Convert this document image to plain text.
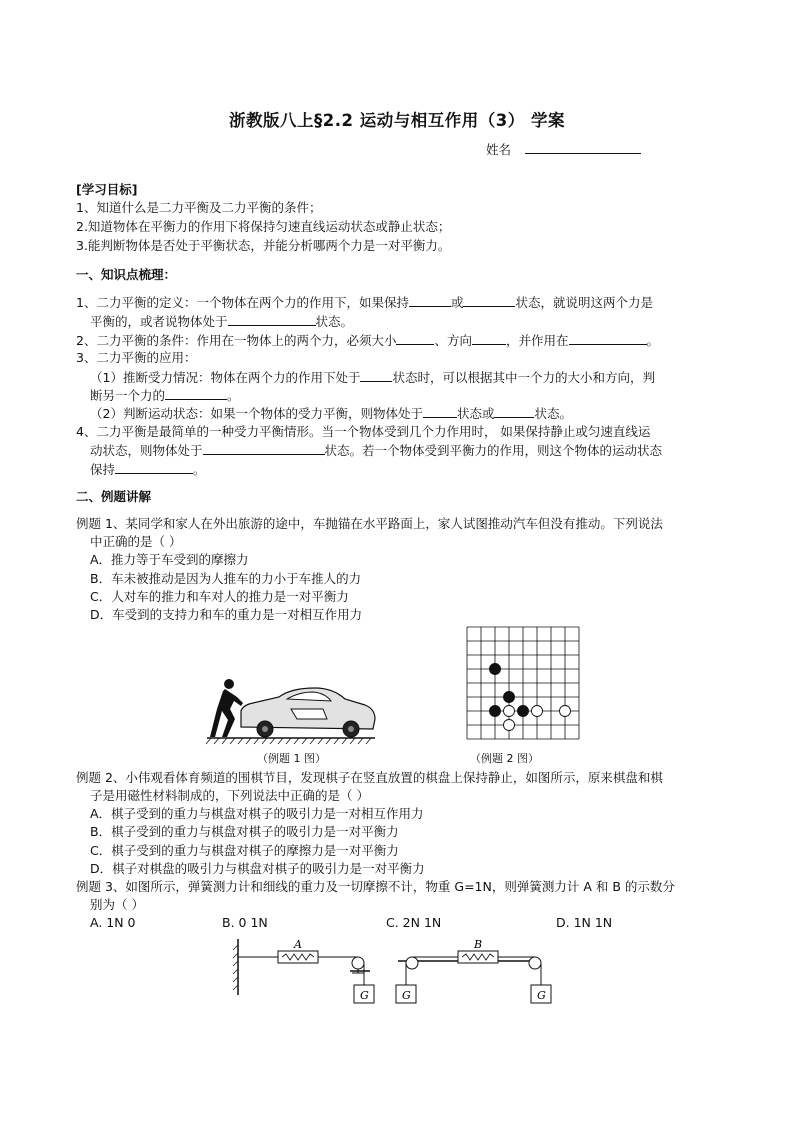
浙教版八上§2.2 运动与相互作用（3） 学案
姓名
[学习目标]
1、知道什么是二力平衡及二力平衡的条件；
2.知道物体在平衡力的作用下将保持匀速直线运动状态或静止状态；
3.能判断物体是否处于平衡状态，并能分析哪两个力是一对平衡力。
一、知识点梳理：
1、二力平衡的定义：一个物体在两个力的作用下，如果保持	或	状态，就说明这两个力是
平衡的，或者说物体处于	状态。
2、二力平衡的条件：作用在一物体上的两个力，必须大小	、方向	，并作用在	。
3、二力平衡的应用：
（1）推断受力情况：物体在两个力的作用下处于	状态时，可以根据其中一个力的大小和方向，判
断另一个力的	。
（2）判断运动状态：如果一个物体的受力平衡，则物体处于	状态或	状态。
4、二力平衡是最简单的一种受力平衡情形。当一个物体受到几个力作用时， 如果保持静止或匀速直线运
动状态，则物体处于	状态。若一个物体受到平衡力的作用，则这个物体的运动状态
保持	。
二、例题讲解
例题 1、某同学和家人在外出旅游的途中，车抛锚在水平路面上，家人试图推动汽车但没有推动。下列说法
中正确的是（ ）
A．推力等于车受到的摩擦力
B．车未被推动是因为人推车的力小于车推人的力
C．人对车的推力和车对人的推力是一对平衡力
D．车受到的支持力和车的重力是一对相互作用力
（例题 1 图）	（例题 2 图）
例题 2、小伟观看体育频道的围棋节目，发现棋子在竖直放置的棋盘上保持静止，如图所示，原来棋盘和棋
子是用磁性材料制成的，下列说法中正确的是（ ）
A．棋子受到的重力与棋盘对棋子的吸引力是一对相互作用力
B．棋子受到的重力与棋盘对棋子的吸引力是一对平衡力
C．棋子受到的重力与棋盘对棋子的摩擦力是一对平衡力
D．棋子对棋盘的吸引力与棋盘对棋子的吸引力是一对平衡力
例题 3、如图所示，弹簧测力计和细线的重力及一切摩擦不计，物重 G=1N，则弹簧测力计 A 和 B 的示数分
别为（ ）
A. 1N 0	B. 0 1N	C. 2N 1N	D. 1N 1N
A	B
G	G	G
